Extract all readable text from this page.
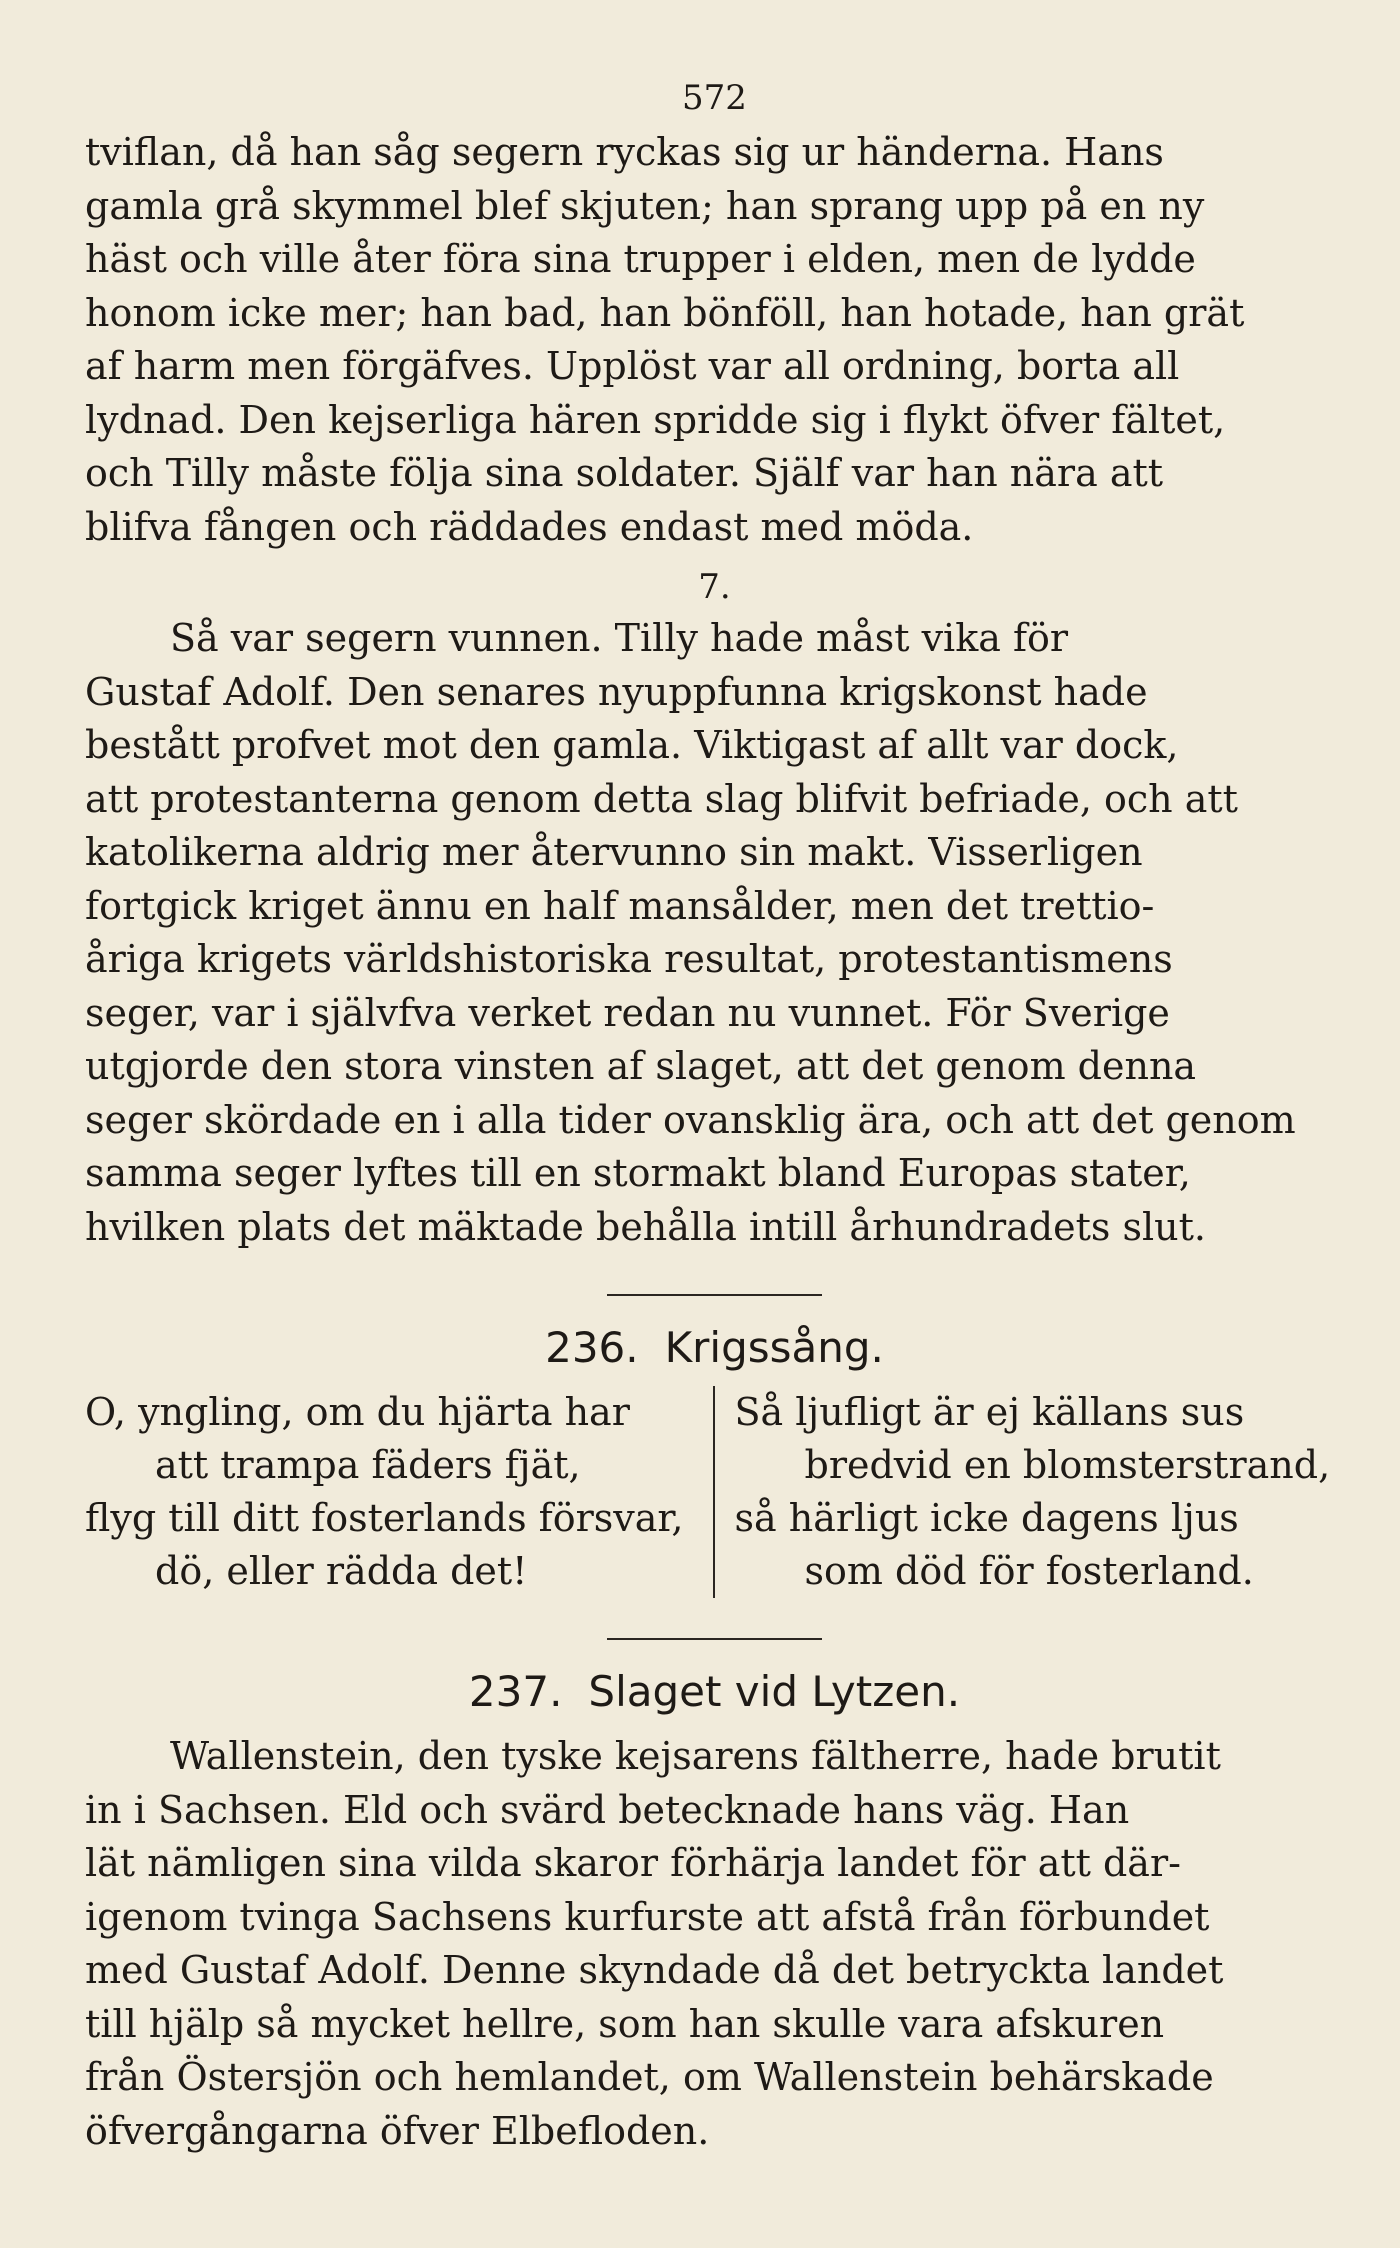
572

tviflan, då han såg segern ryckas sig ur händerna. Hans

gamla grå skymmel blef skjuten; han sprang upp på en ny

häst och ville åter föra sina trupper i elden, men de lydde

honom icke mer; han bad, han bönföll, han hotade, han grät

af harm men förgäfves. Upplöst var all ordning, borta all

lydnad. Den kejserliga hären spridde sig i flykt öfver fältet,

och Tilly måste följa sina soldater. Själf var han nära att

blifva fången och räddades endast med möda.

7.

Så var segern vunnen. Tilly hade måst vika för

Gustaf Adolf. Den senares nyuppfunna krigskonst hade

bestått profvet mot den gamla. Viktigast af allt var dock,

att protestanterna genom detta slag blifvit befriade, och att

katolikerna aldrig mer återvunno sin makt. Visserligen

fortgick kriget ännu en half mansålder, men det trettio-

åriga krigets världshistoriska resultat, protestantismens

seger, var i självfva verket redan nu vunnet. För Sverige

utgjorde den stora vinsten af slaget, att det genom denna

seger skördade en i alla tider ovansklig ära, och att det genom

samma seger lyftes till en stormakt bland Europas stater,

hvilken plats det mäktade behålla intill århundradets slut.

236. Krigssång.
O, yngling, om du hjärta har
att trampa fäders fjät,
flyg till ditt fosterlands försvar,
dö, eller rädda det!
Så ljufligt är ej källans sus
bredvid en blomsterstrand,
så härligt icke dagens ljus
som död för fosterland.
237. Slaget vid Lytzen.

Wallenstein, den tyske kejsarens fältherre, hade brutit

in i Sachsen. Eld och svärd betecknade hans väg. Han

lät nämligen sina vilda skaror förhärja landet för att där-

igenom tvinga Sachsens kurfurste att afstå från förbundet

med Gustaf Adolf. Denne skyndade då det betryckta landet

till hjälp så mycket hellre, som han skulle vara afskuren

från Östersjön och hemlandet, om Wallenstein behärskade

öfvergångarna öfver Elbefloden.
